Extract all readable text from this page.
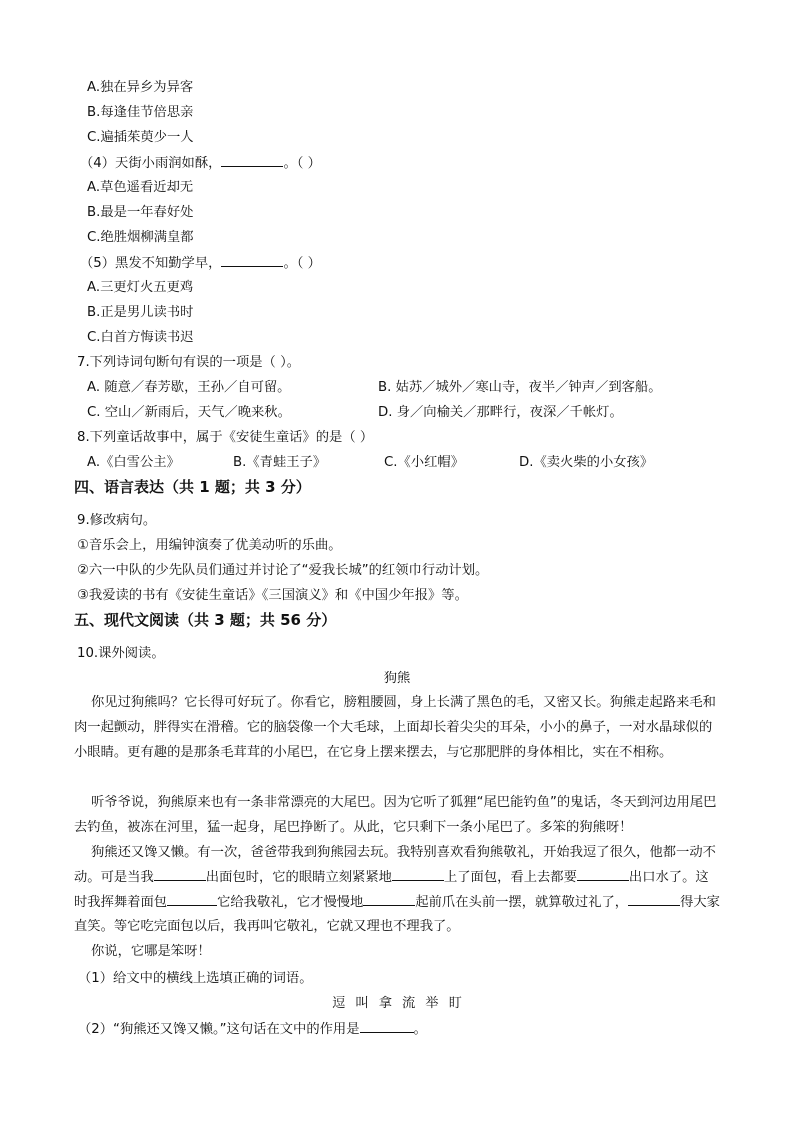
A.独在异乡为异客
B.每逢佳节倍思亲
C.遍插茱萸少一人
（4）天街小雨润如酥，	。（ ）
A.草色遥看近却无
B.最是一年春好处
C.绝胜烟柳满皇都
（5）黑发不知勤学早，	。（ ）
A.三更灯火五更鸡
B.正是男儿读书时
C.白首方悔读书迟
7.下列诗词句断句有误的一项是（ ）。
A. 随意／春芳歇，王孙／自可留。	B. 姑苏／城外／寒山寺，夜半／钟声／到客船。
C. 空山／新雨后，天气／晚来秋。	D. 身／向榆关／那畔行，夜深／千帐灯。
8.下列童话故事中，属于《安徒生童话》的是（ ）
A.《白雪公主》	B.《青蛙王子》	C.《小红帽》	D.《卖火柴的小女孩》
四、语言表达（共 1 题；共 3 分）
9.修改病句。
①音乐会上，用编钟演奏了优美动听的乐曲。
②六一中队的少先队员们通过并讨论了“爱我长城”的红领巾行动计划。
③我爱读的书有《安徒生童话》《三国演义》和《中国少年报》等。
五、现代文阅读（共 3 题；共 56 分）
10.课外阅读。
狗熊
你见过狗熊吗？它长得可好玩了。你看它，膀粗腰圆，身上长满了黑色的毛，又密又长。狗熊走起路来毛和肉一起颤动，胖得实在滑稽。它的脑袋像一个大毛球，上面却长着尖尖的耳朵，小小的鼻子，一对水晶球似的小眼睛。更有趣的是那条毛茸茸的小尾巴，在它身上摆来摆去，与它那肥胖的身体相比，实在不相称。
听爷爷说，狗熊原来也有一条非常漂亮的大尾巴。因为它听了狐狸“尾巴能钓鱼”的鬼话，冬天到河边用尾巴去钓鱼，被冻在河里，猛一起身，尾巴挣断了。从此，它只剩下一条小尾巴了。多笨的狗熊呀！
狗熊还又馋又懒。有一次，爸爸带我到狗熊园去玩。我特别喜欢看狗熊敬礼，开始我逗了很久，他都一动不动。可是当我	出面包时，它的眼睛立刻紧紧地	上了面包，看上去都要	出口水了。这时我挥舞着面包	它给我敬礼，它才慢慢地	起前爪在头前一摆，就算敬过礼了，	得大家直笑。等它吃完面包以后，我再叫它敬礼，它就又理也不理我了。
你说，它哪是笨呀！
（1）给文中的横线上选填正确的词语。
逗 叫 拿 流 举 盯
（2）“狗熊还又馋又懒。”这句话在文中的作用是	。
